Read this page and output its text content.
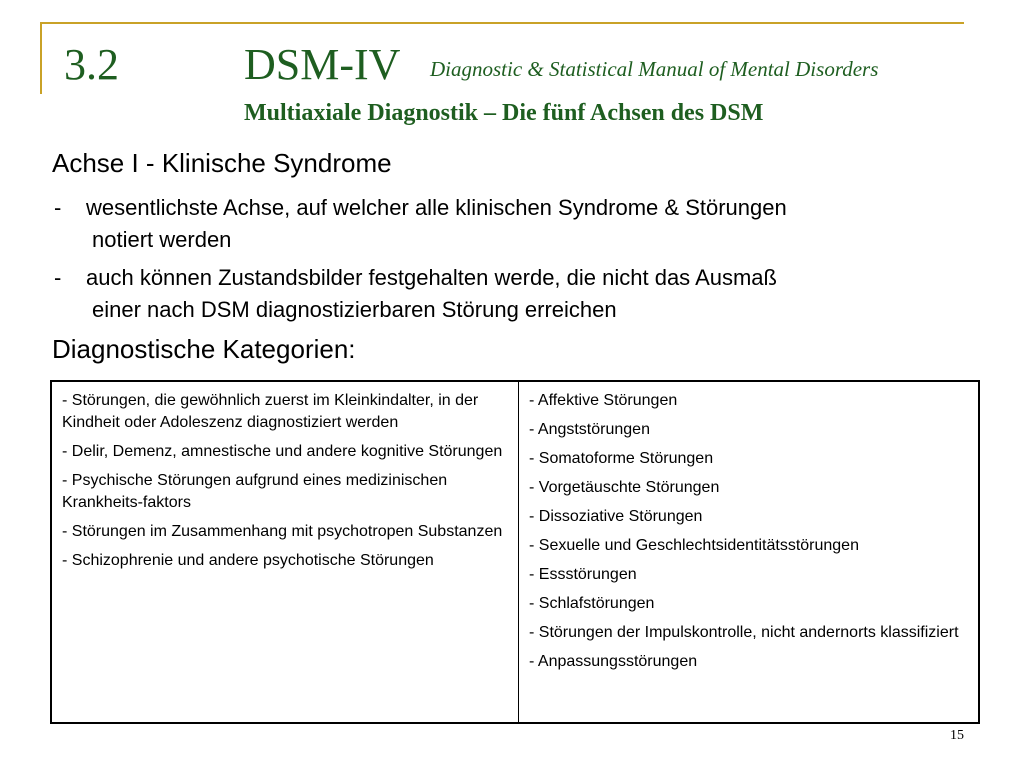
3.2	DSM-IV Diagnostic & Statistical Manual of Mental Disorders
Multiaxiale Diagnostik – Die fünf Achsen des DSM
Achse I - Klinische Syndrome
- wesentlichste Achse, auf welcher alle klinischen Syndrome & Störungen
notiert werden
- auch können Zustandsbilder festgehalten werde, die nicht das Ausmaß
einer nach DSM diagnostizierbaren Störung erreichen
Diagnostische Kategorien:
- Störungen, die gewöhnlich zuerst im Kleinkindalter, in der Kindheit oder Adoleszenz diagnostiziert werden
- Delir, Demenz, amnestische und andere kognitive Störungen
- Psychische Störungen aufgrund eines medizinischen Krankheits-faktors
- Störungen im Zusammenhang mit psychotropen Substanzen
- Schizophrenie und andere psychotische Störungen
- Affektive Störungen
- Angststörungen
- Somatoforme Störungen
- Vorgetäuschte Störungen
- Dissoziative Störungen
- Sexuelle und Geschlechtsidentitätsstörungen
- Essstörungen
- Schlafstörungen
- Störungen der Impulskontrolle, nicht andernorts klassifiziert
- Anpassungsstörungen
15
